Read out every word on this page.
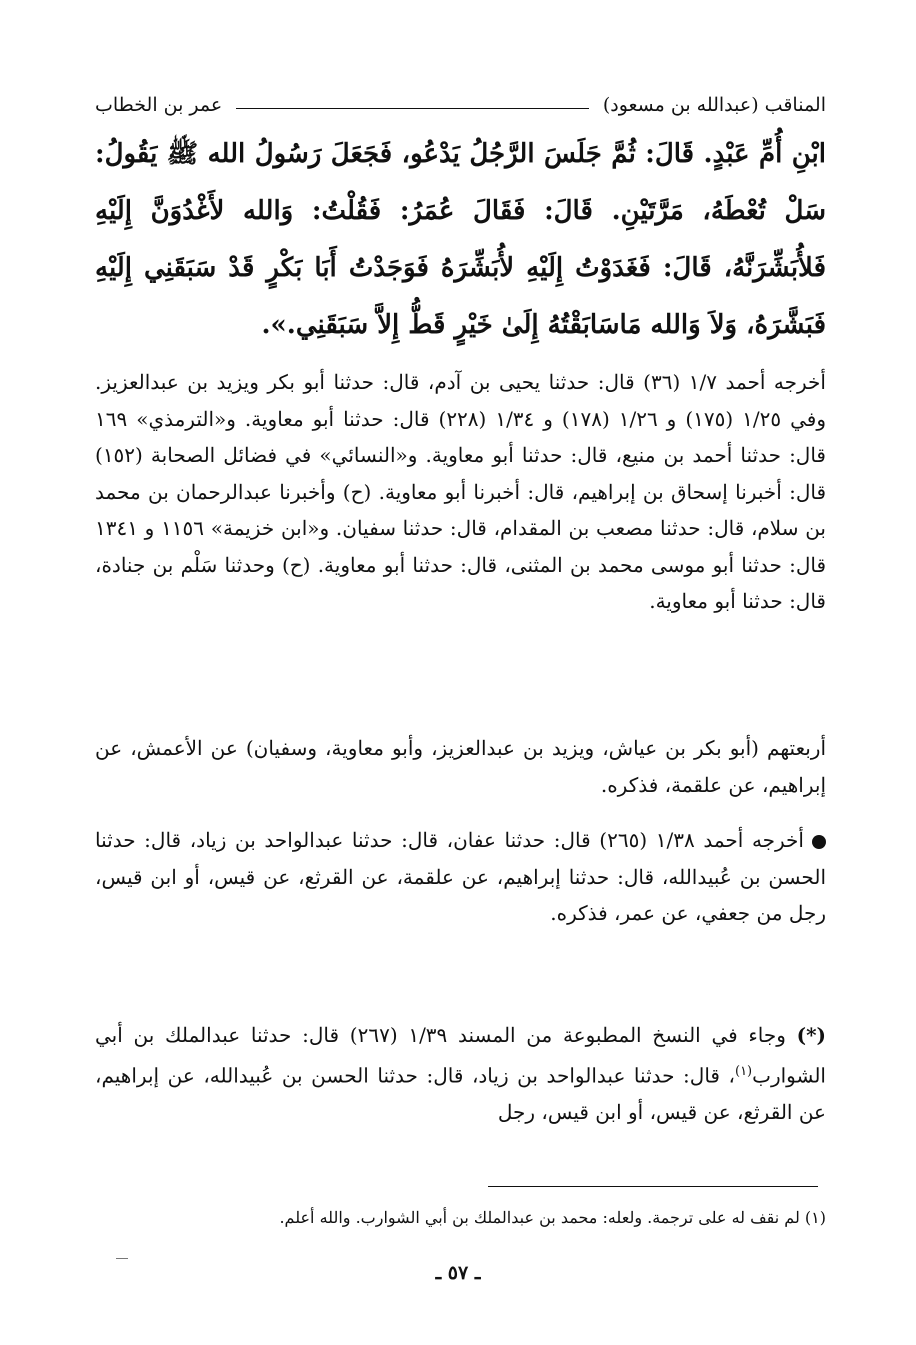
المناقب (عبدالله بن مسعود)
عمر بن الخطاب
ابْنِ أُمِّ عَبْدٍ. قَالَ: ثُمَّ جَلَسَ الرَّجُلُ يَدْعُو، فَجَعَلَ رَسُولُ الله ﷺ يَقُولُ: سَلْ تُعْطَهُ، مَرَّتَيْنِ. قَالَ: فَقَالَ عُمَرُ: فَقُلْتُ: وَالله لأَغْدُوَنَّ إِلَيْهِ فَلأُبَشِّرَنَّهُ، قَالَ: فَغَدَوْتُ إِلَيْهِ لأُبَشِّرَهُ فَوَجَدْتُ أَبَا بَكْرٍ قَدْ سَبَقَنِي إِلَيْهِ فَبَشَّرَهُ، وَلاَ وَالله مَاسَابَقْتُهُ إِلَىٰ خَيْرٍ قَطُّ إِلاَّ سَبَقَنِي.».
أخرجه أحمد ١/٧ (٣٦) قال: حدثنا يحيى بن آدم، قال: حدثنا أبو بكر ويزيد بن عبدالعزيز. وفي ١/٢٥ (١٧٥) و ١/٢٦ (١٧٨) و ١/٣٤ (٢٢٨) قال: حدثنا أبو معاوية. و«الترمذي» ١٦٩ قال: حدثنا أحمد بن منيع، قال: حدثنا أبو معاوية. و«النسائي» في فضائل الصحابة (١٥٢) قال: أخبرنا إسحاق بن إبراهيم، قال: أخبرنا أبو معاوية. (ح) وأخبرنا عبدالرحمان بن محمد بن سلام، قال: حدثنا مصعب بن المقدام، قال: حدثنا سفيان. و«ابن خزيمة» ١١٥٦ و ١٣٤١ قال: حدثنا أبو موسى محمد بن المثنى، قال: حدثنا أبو معاوية. (ح) وحدثنا سَلْم بن جنادة، قال: حدثنا أبو معاوية.
أربعتهم (أبو بكر بن عياش، ويزيد بن عبدالعزيز، وأبو معاوية، وسفيان) عن الأعمش، عن إبراهيم، عن علقمة، فذكره.
أخرجه أحمد ١/٣٨ (٢٦٥) قال: حدثنا عفان، قال: حدثنا عبدالواحد بن زياد، قال: حدثنا الحسن بن عُبيدالله، قال: حدثنا إبراهيم، عن علقمة، عن القرثع، عن قيس، أو ابن قيس، رجل من جعفي، عن عمر، فذكره.
(*) وجاء في النسخ المطبوعة من المسند ١/٣٩ (٢٦٧) قال: حدثنا عبدالملك بن أبي الشوارب$^{(١)}$، قال: حدثنا عبدالواحد بن زياد، قال: حدثنا الحسن بن عُبيدالله، عن إبراهيم، عن القرثع، عن قيس، أو ابن قيس، رجل
(١) لم نقف له على ترجمة. ولعله: محمد بن عبدالملك بن أبي الشوارب. والله أعلم.
ـ ٥٧ ـ
